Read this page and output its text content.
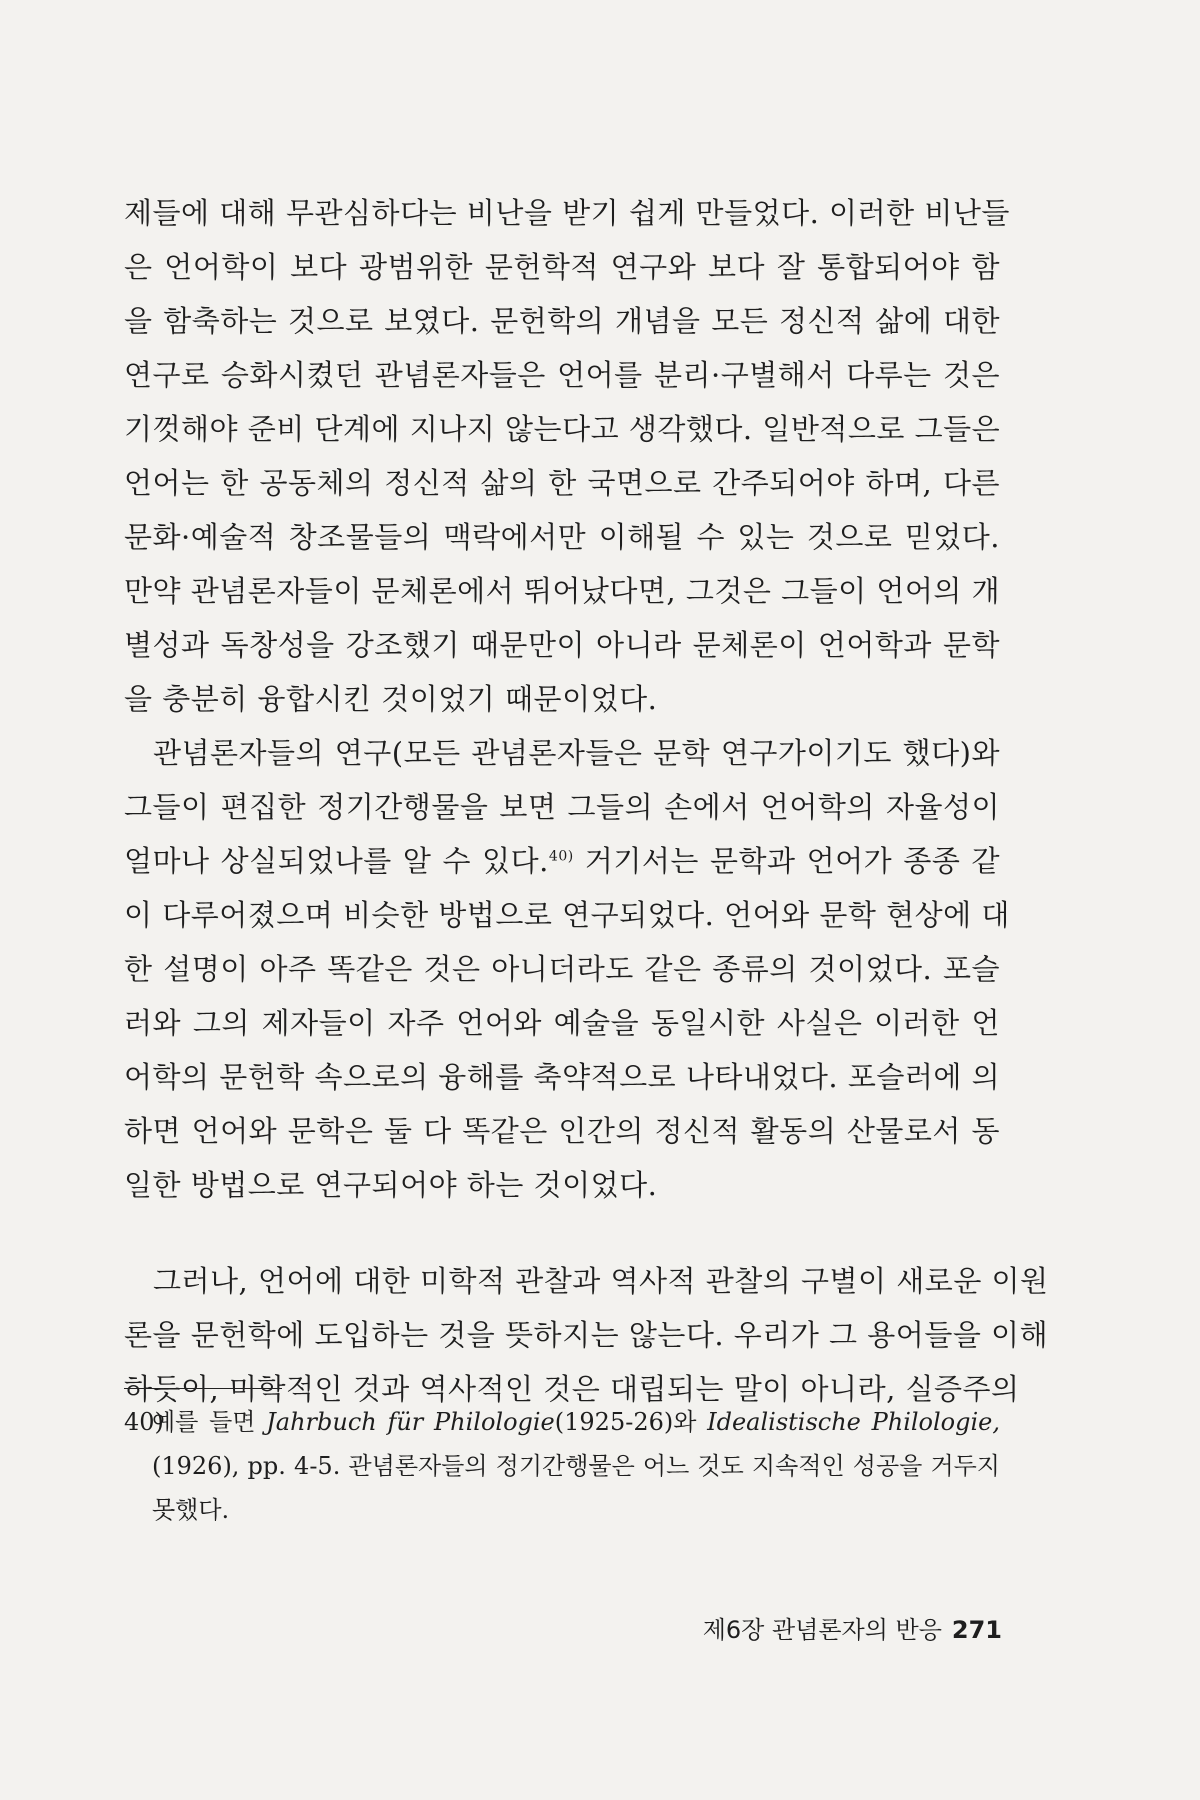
제들에 대해 무관심하다는 비난을 받기 쉽게 만들었다. 이러한 비난들
은 언어학이 보다 광범위한 문헌학적 연구와 보다 잘 통합되어야 함
을 함축하는 것으로 보였다. 문헌학의 개념을 모든 정신적 삶에 대한
연구로 승화시켰던 관념론자들은 언어를 분리·구별해서 다루는 것은
기껏해야 준비 단계에 지나지 않는다고 생각했다. 일반적으로 그들은
언어는 한 공동체의 정신적 삶의 한 국면으로 간주되어야 하며, 다른
문화·예술적 창조물들의 맥락에서만 이해될 수 있는 것으로 믿었다.
만약 관념론자들이 문체론에서 뛰어났다면, 그것은 그들이 언어의 개
별성과 독창성을 강조했기 때문만이 아니라 문체론이 언어학과 문학
을 충분히 융합시킨 것이었기 때문이었다.
관념론자들의 연구(모든 관념론자들은 문학 연구가이기도 했다)와
그들이 편집한 정기간행물을 보면 그들의 손에서 언어학의 자율성이
얼마나 상실되었나를 알 수 있다.$^{40)}$ 거기서는 문학과 언어가 종종 같
이 다루어졌으며 비슷한 방법으로 연구되었다. 언어와 문학 현상에 대
한 설명이 아주 똑같은 것은 아니더라도 같은 종류의 것이었다. 포슬
러와 그의 제자들이 자주 언어와 예술을 동일시한 사실은 이러한 언
어학의 문헌학 속으로의 융해를 축약적으로 나타내었다. 포슬러에 의
하면 언어와 문학은 둘 다 똑같은 인간의 정신적 활동의 산물로서 동
일한 방법으로 연구되어야 하는 것이었다.
그러나, 언어에 대한 미학적 관찰과 역사적 관찰의 구별이 새로운 이원
론을 문헌학에 도입하는 것을 뜻하지는 않는다. 우리가 그 용어들을 이해
하듯이, 미학적인 것과 역사적인 것은 대립되는 말이 아니라, 실증주의
40)예를 들면 Jahrbuch für Philologie(1925-26)와 Idealistische Philologie,
(1926), pp. 4-5. 관념론자들의 정기간행물은 어느 것도 지속적인 성공을 거두지
못했다.
제6장 관념론자의 반응 271
